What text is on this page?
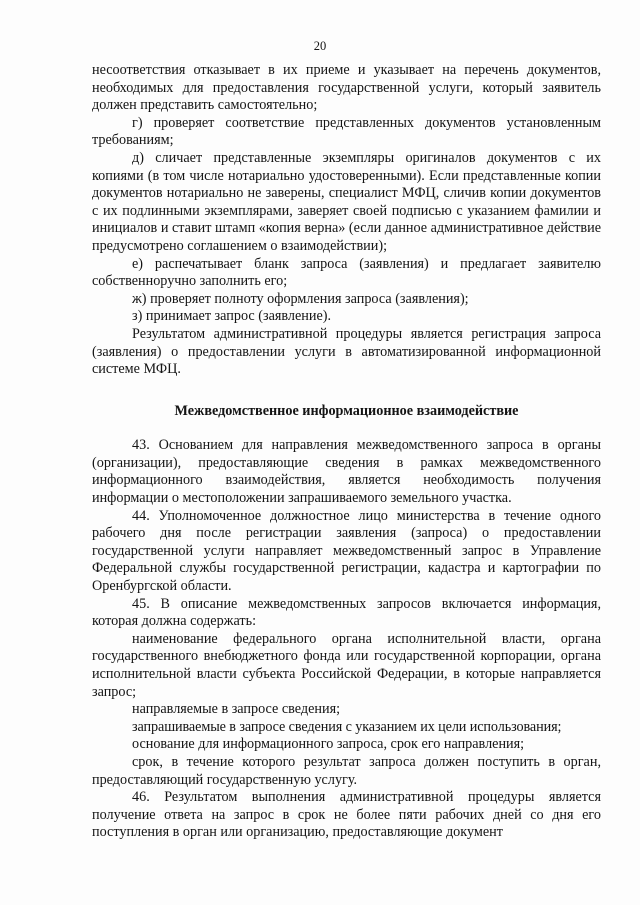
20

несоответствия отказывает в их приеме и указывает на перечень документов, необходимых для предоставления государственной услуги, который заявитель должен представить самостоятельно;

г) проверяет соответствие представленных документов установленным требованиям;

д) сличает представленные экземпляры оригиналов документов с их копиями (в том числе нотариально удостоверенными). Если представленные копии документов нотариально не заверены, специалист МФЦ, сличив копии документов с их подлинными экземплярами, заверяет своей подписью с указанием фамилии и инициалов и ставит штамп «копия верна» (если данное административное действие предусмотрено соглашением о взаимодействии);

е) распечатывает бланк запроса (заявления) и предлагает заявителю собственноручно заполнить его;

ж) проверяет полноту оформления запроса (заявления);

з) принимает запрос (заявление).

Результатом административной процедуры является регистрация запроса (заявления) о предоставлении услуги в автоматизированной информационной системе МФЦ.

Межведомственное информационное взаимодействие

43. Основанием для направления межведомственного запроса в органы (организации), предоставляющие сведения в рамках межведомственного информационного взаимодействия, является необходимость получения информации о местоположении запрашиваемого земельного участка.

44. Уполномоченное должностное лицо министерства в течение одного рабочего дня после регистрации заявления (запроса) о предоставлении государственной услуги направляет межведомственный запрос в Управление Федеральной службы государственной регистрации, кадастра и картографии по Оренбургской области.

45. В описание межведомственных запросов включается информация, которая должна содержать:

наименование федерального органа исполнительной власти, органа государственного внебюджетного фонда или государственной корпорации, органа исполнительной власти субъекта Российской Федерации, в которые направляется запрос;

направляемые в запросе сведения;

запрашиваемые в запросе сведения с указанием их цели использования;

основание для информационного запроса, срок его направления;

срок, в течение которого результат запроса должен поступить в орган, предоставляющий государственную услугу.

46. Результатом выполнения административной процедуры является получение ответа на запрос в срок не более пяти рабочих дней со дня его поступления в орган или организацию, предоставляющие документ
